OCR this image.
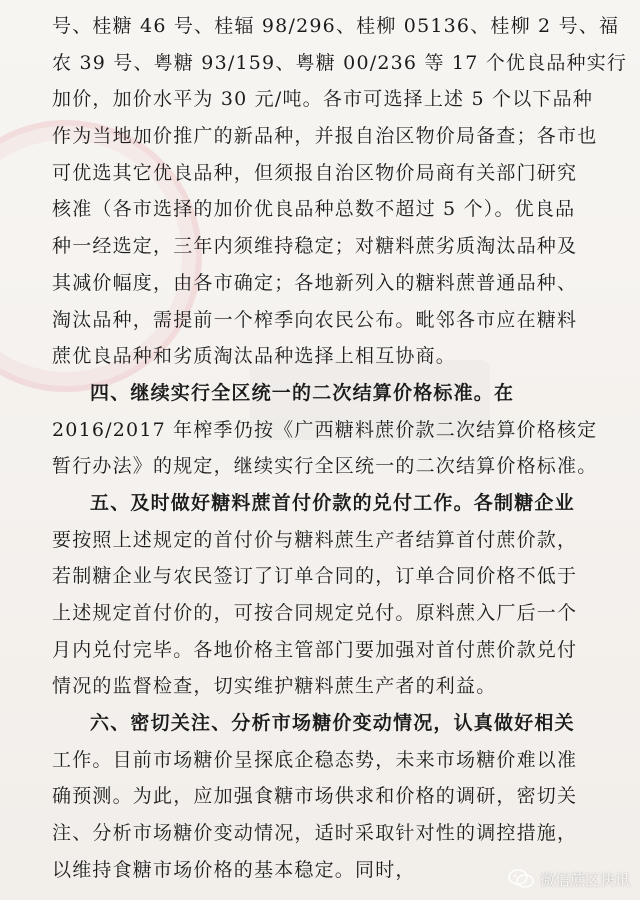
号、桂糖 46 号、桂辐 98/296、桂柳 05136、桂柳 2 号、福
农 39 号、粤糖 93/159、粤糖 00/236 等 17 个优良品种实行
加价，加价水平为 30 元/吨。各市可选择上述 5 个以下品种
作为当地加价推广的新品种，并报自治区物价局备查；各市也
可优选其它优良品种，但须报自治区物价局商有关部门研究
核准（各市选择的加价优良品种总数不超过 5 个）。优良品
种一经选定，三年内须维持稳定；对糖料蔗劣质淘汰品种及
其减价幅度，由各市确定；各地新列入的糖料蔗普通品种、
淘汰品种，需提前一个榨季向农民公布。毗邻各市应在糖料
蔗优良品种和劣质淘汰品种选择上相互协商。
四、继续实行全区统一的二次结算价格标准。在
2016/2017 年榨季仍按《广西糖料蔗价款二次结算价格核定
暂行办法》的规定，继续实行全区统一的二次结算价格标准。
五、及时做好糖料蔗首付价款的兑付工作。各制糖企业
要按照上述规定的首付价与糖料蔗生产者结算首付蔗价款，
若制糖企业与农民签订了订单合同的，订单合同价格不低于
上述规定首付价的，可按合同规定兑付。原料蔗入厂后一个
月内兑付完毕。各地价格主管部门要加强对首付蔗价款兑付
情况的监督检查，切实维护糖料蔗生产者的利益。
六、密切关注、分析市场糖价变动情况，认真做好相关
工作。目前市场糖价呈探底企稳态势，未来市场糖价难以准
确预测。为此，应加强食糖市场供求和价格的调研，密切关
注、分析市场糖价变动情况，适时采取针对性的调控措施，
以维持食糖市场价格的基本稳定。同时，	微信蔗区快讯
